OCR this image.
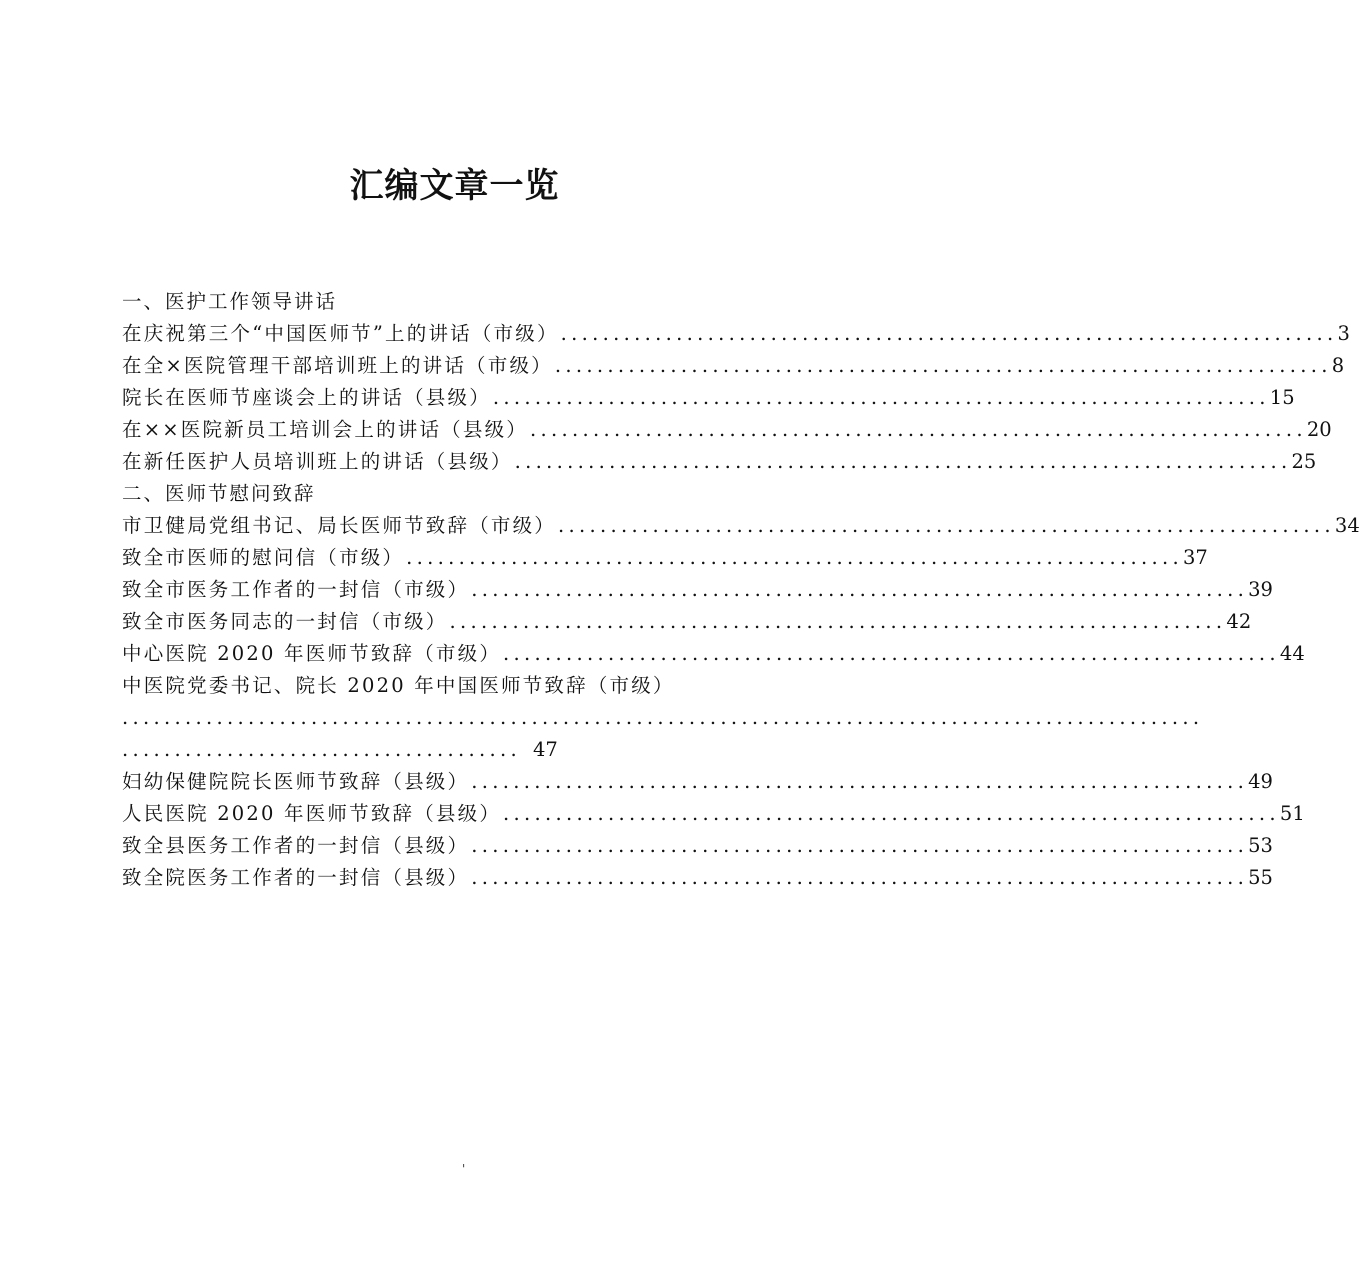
汇编文章一览
一、医护工作领导讲话
在庆祝第三个“中国医师节”上的讲话（市级） .......................................................................... 3
在全×医院管理干部培训班上的讲话（市级） .......................................................................... 8
院长在医师节座谈会上的讲话（县级） .......................................................................... 15
在××医院新员工培训会上的讲话（县级） .......................................................................... 20
在新任医护人员培训班上的讲话（县级） .......................................................................... 25
二、医师节慰问致辞
市卫健局党组书记、局长医师节致辞（市级） .......................................................................... 34
致全市医师的慰问信（市级） .......................................................................... 37
致全市医务工作者的一封信（市级） .......................................................................... 39
致全市医务同志的一封信（市级） .......................................................................... 42
中心医院 2020 年医师节致辞（市级） .......................................................................... 44
中医院党委书记、院长 2020 年中国医师节致辞（市级）
.......................................................................................................
...................................... 47
妇幼保健院院长医师节致辞（县级） .......................................................................... 49
人民医院 2020 年医师节致辞（县级） .......................................................................... 51
致全县医务工作者的一封信（县级） .......................................................................... 53
致全院医务工作者的一封信（县级） .......................................................................... 55
'
